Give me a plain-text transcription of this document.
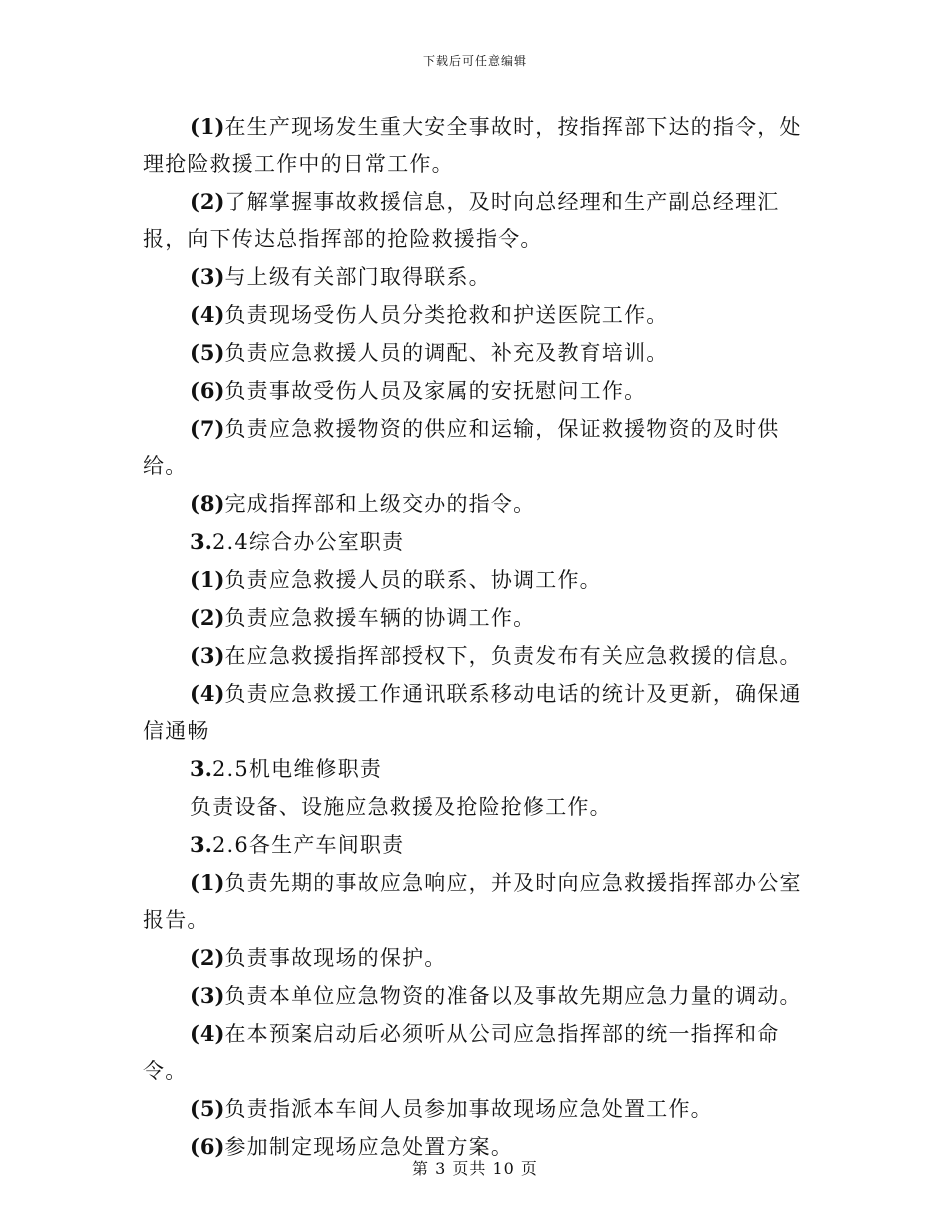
下载后可任意编辑

(1)在生产现场发生重大安全事故时，按指挥部下达的指令，处理抢险救援工作中的日常工作。

(2)了解掌握事故救援信息，及时向总经理和生产副总经理汇报，向下传达总指挥部的抢险救援指令。

(3)与上级有关部门取得联系。

(4)负责现场受伤人员分类抢救和护送医院工作。

(5)负责应急救援人员的调配、补充及教育培训。

(6)负责事故受伤人员及家属的安抚慰问工作。

(7)负责应急救援物资的供应和运输，保证救援物资的及时供给。

(8)完成指挥部和上级交办的指令。

3.2.4综合办公室职责

(1)负责应急救援人员的联系、协调工作。

(2)负责应急救援车辆的协调工作。

(3)在应急救援指挥部授权下，负责发布有关应急救援的信息。

(4)负责应急救援工作通讯联系移动电话的统计及更新，确保通信通畅

3.2.5机电维修职责

负责设备、设施应急救援及抢险抢修工作。

3.2.6各生产车间职责

(1)负责先期的事故应急响应，并及时向应急救援指挥部办公室报告。

(2)负责事故现场的保护。

(3)负责本单位应急物资的准备以及事故先期应急力量的调动。

(4)在本预案启动后必须听从公司应急指挥部的统一指挥和命令。

(5)负责指派本车间人员参加事故现场应急处置工作。

(6)参加制定现场应急处置方案。

第 3 页共 10 页
